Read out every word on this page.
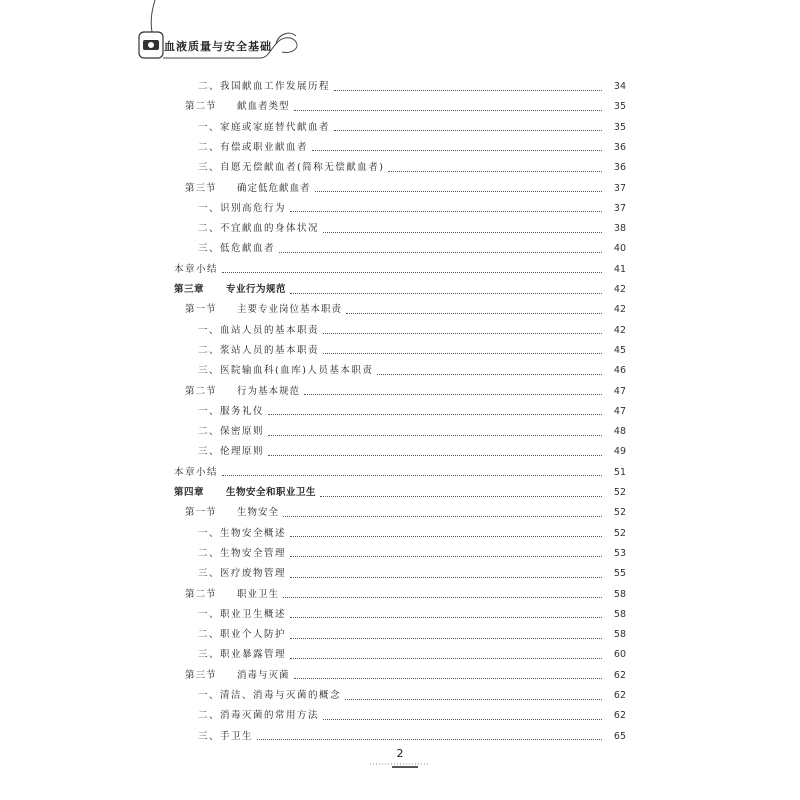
血液质量与安全基础
二、我国献血工作发展历程	34
第二节 献血者类型	35
一、家庭或家庭替代献血者	35
二、有偿或职业献血者	36
三、自愿无偿献血者(简称无偿献血者)	36
第三节 确定低危献血者	37
一、识别高危行为	37
二、不宜献血的身体状况	38
三、低危献血者	40
本章小结	41
第三章 专业行为规范	42
第一节 主要专业岗位基本职责	42
一、血站人员的基本职责	42
二、浆站人员的基本职责	45
三、医院输血科(血库)人员基本职责	46
第二节 行为基本规范	47
一、服务礼仪	47
二、保密原则	48
三、伦理原则	49
本章小结	51
第四章 生物安全和职业卫生	52
第一节 生物安全	52
一、生物安全概述	52
二、生物安全管理	53
三、医疗废物管理	55
第二节 职业卫生	58
一、职业卫生概述	58
二、职业个人防护	58
三、职业暴露管理	60
第三节 消毒与灭菌	62
一、清洁、消毒与灭菌的概念	62
二、消毒灭菌的常用方法	62
三、手卫生	65
2
